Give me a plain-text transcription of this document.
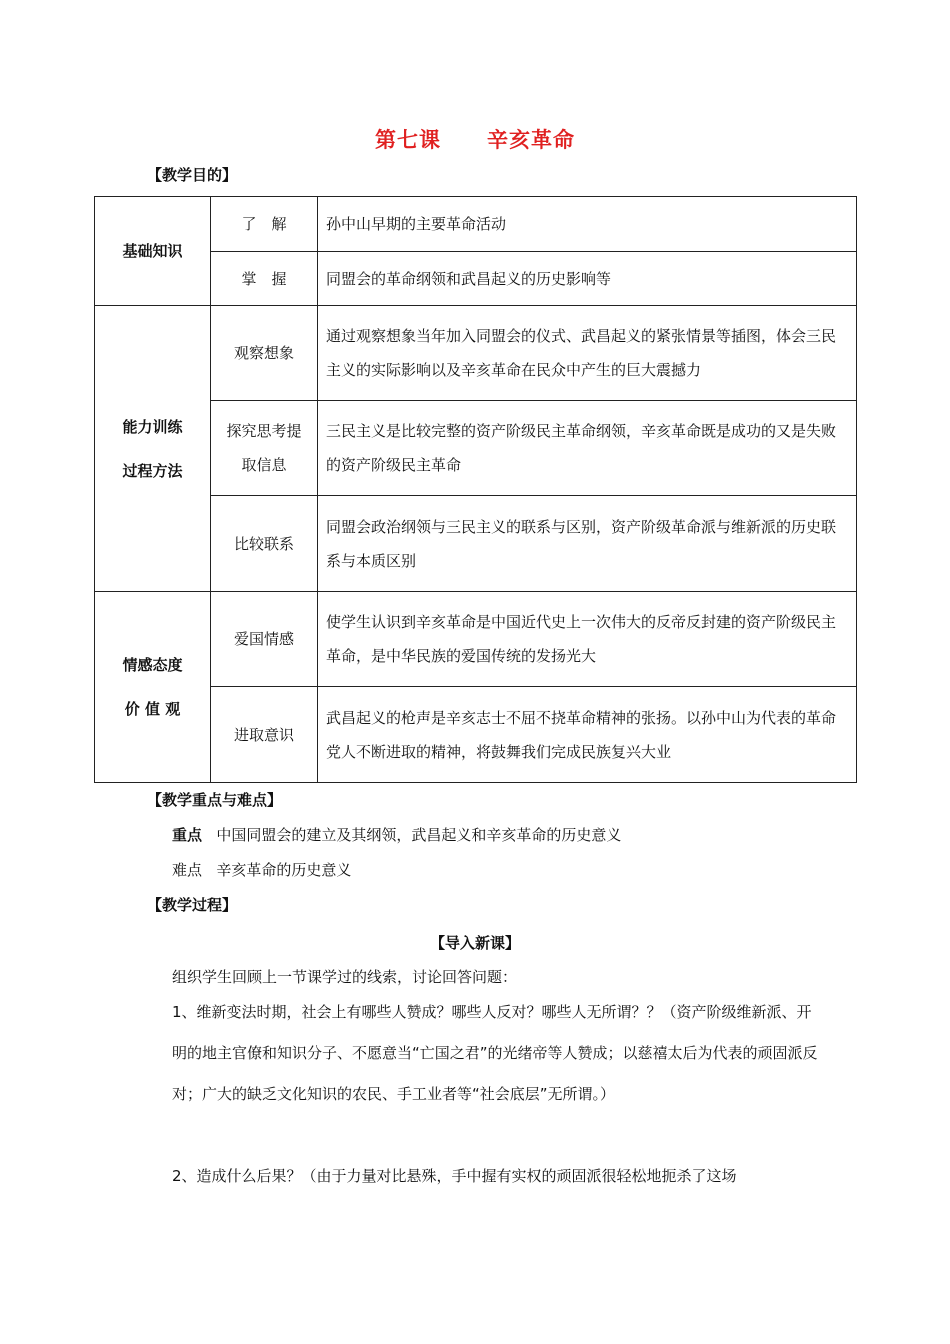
第七课 辛亥革命
【教学目的】
基础知识	了　解	孙中山早期的主要革命活动
	掌　握	同盟会的革命纲领和武昌起义的历史影响等

能力训练
过程方法	观察想象	通过观察想象当年加入同盟会的仪式、武昌起义的紧张情景等插图，体会三民主义的实际影响以及辛亥革命在民众中产生的巨大震撼力

	探究思考提
取信息	三民主义是比较完整的资产阶级民主革命纲领，辛亥革命既是成功的又是失败的资产阶级民主革命
	比较联系	同盟会政治纲领与三民主义的联系与区别，资产阶级革命派与维新派的历史联系与本质区别

情感态度
价 值 观	爱国情感	使学生认识到辛亥革命是中国近代史上一次伟大的反帝反封建的资产阶级民主革命，是中华民族的爱国传统的发扬光大
	进取意识	武昌起义的枪声是辛亥志士不屈不挠革命精神的张扬。以孙中山为代表的革命党人不断进取的精神，将鼓舞我们完成民族复兴大业
【教学重点与难点】
重点 中国同盟会的建立及其纲领，武昌起义和辛亥革命的历史意义
难点 辛亥革命的历史意义
【教学过程】
【导入新课】
组织学生回顾上一节课学过的线索，讨论回答问题：
1、维新变法时期，社会上有哪些人赞成？哪些人反对？哪些人无所谓？？（资产阶级维新派、开明的地主官僚和知识分子、不愿意当“亡国之君”的光绪帝等人赞成；以慈禧太后为代表的顽固派反对；广大的缺乏文化知识的农民、手工业者等“社会底层”无所谓。）
2、造成什么后果？（由于力量对比悬殊，手中握有实权的顽固派很轻松地扼杀了这场
